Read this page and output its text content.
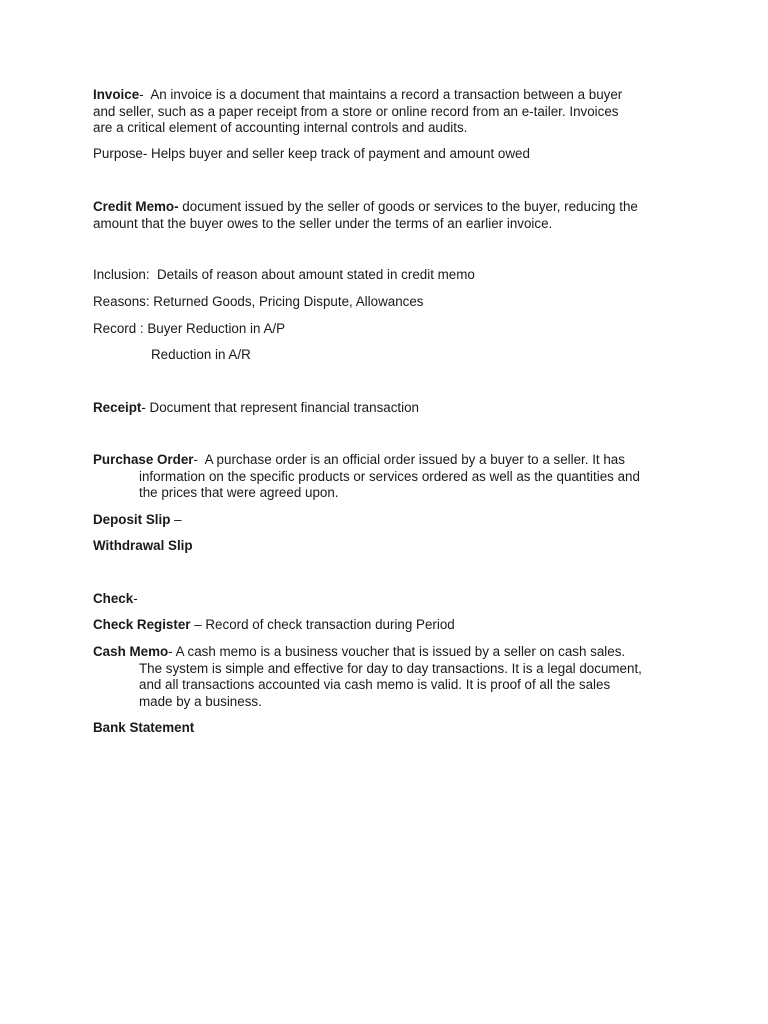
Invoice-  An invoice is a document that maintains a record a transaction between a buyer

and seller, such as a paper receipt from a store or online record from an e-tailer. Invoices

are a critical element of accounting internal controls and audits.

Purpose- Helps buyer and seller keep track of payment and amount owed

Credit Memo- document issued by the seller of goods or services to the buyer, reducing the

amount that the buyer owes to the seller under the terms of an earlier invoice.

Inclusion:  Details of reason about amount stated in credit memo

Reasons: Returned Goods, Pricing Dispute, Allowances

Record : Buyer Reduction in A/P

Reduction in A/R

Receipt- Document that represent financial transaction

Purchase Order-  A purchase order is an official order issued by a buyer to a seller. It has

information on the specific products or services ordered as well as the quantities and

the prices that were agreed upon.

Deposit Slip –

Withdrawal Slip

Check-

Check Register – Record of check transaction during Period

Cash Memo- A cash memo is a business voucher that is issued by a seller on cash sales.

The system is simple and effective for day to day transactions. It is a legal document,

and all transactions accounted via cash memo is valid. It is proof of all the sales

made by a business.

Bank Statement
